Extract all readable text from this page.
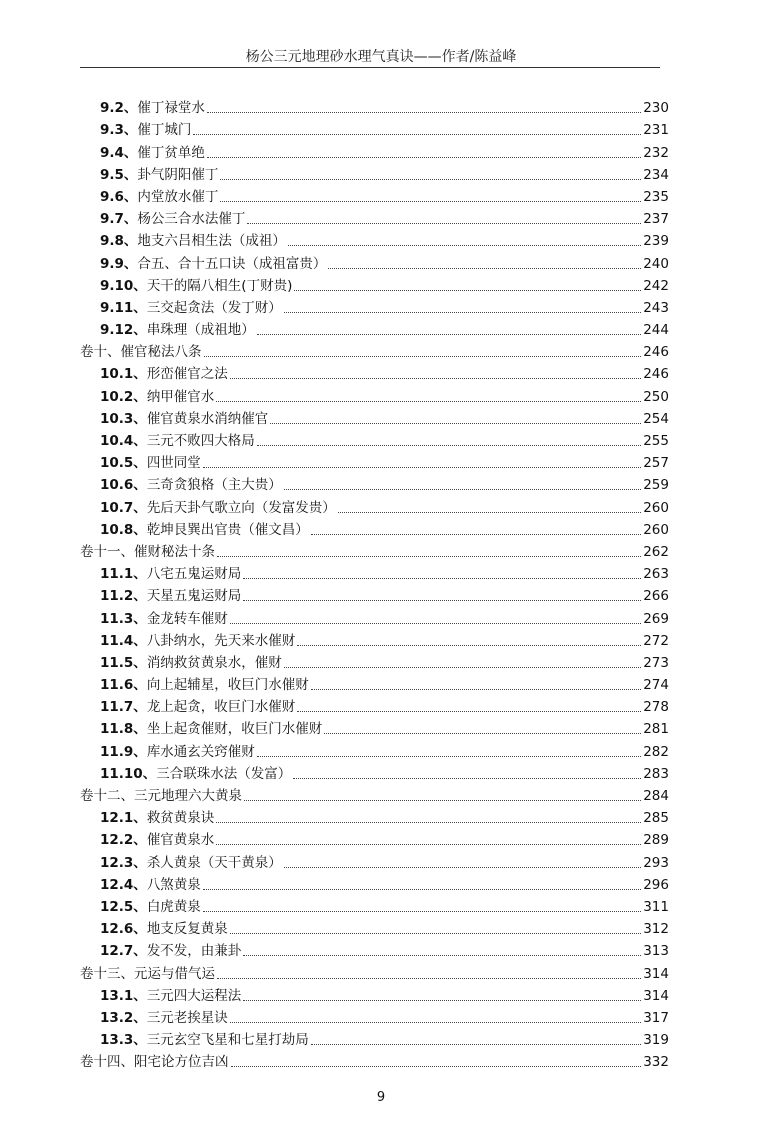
杨公三元地理砂水理气真诀——作者/陈益峰
9.2、催丁禄堂水	230
9.3、催丁城门	231
9.4、催丁贫单绝	232
9.5、卦气阴阳催丁	234
9.6、内堂放水催丁	235
9.7、杨公三合水法催丁	237
9.8、地支六吕相生法（成祖）	239
9.9、合五、合十五口诀（成祖富贵）	240
9.10、天干的隔八相生(丁财贵)	242
9.11、三交起贪法（发丁财）	243
9.12、串珠理（成祖地）	244
卷十、催官秘法八条	246
10.1、形峦催官之法	246
10.2、纳甲催官水	250
10.3、催官黄泉水消纳催官	254
10.4、三元不败四大格局	255
10.5、四世同堂	257
10.6、三奇贪狼格（主大贵）	259
10.7、先后天卦气歌立向（发富发贵）	260
10.8、乾坤艮巽出官贵（催文昌）	260
卷十一、催财秘法十条	262
11.1、八宅五鬼运财局	263
11.2、天星五鬼运财局	266
11.3、金龙转车催财	269
11.4、八卦纳水，先天来水催财	272
11.5、消纳救贫黄泉水，催财	273
11.6、向上起辅星，收巨门水催财	274
11.7、龙上起贪，收巨门水催财	278
11.8、坐上起贪催财，收巨门水催财	281
11.9、库水通玄关窍催财	282
11.10、三合联珠水法（发富）	283
卷十二、三元地理六大黄泉	284
12.1、救贫黄泉诀	285
12.2、催官黄泉水	289
12.3、杀人黄泉（天干黄泉）	293
12.4、八煞黄泉	296
12.5、白虎黄泉	311
12.6、地支反复黄泉	312
12.7、发不发，由兼卦	313
卷十三、元运与借气运	314
13.1、三元四大运程法	314
13.2、三元老挨星诀	317
13.3、三元玄空飞星和七星打劫局	319
卷十四、阳宅论方位吉凶	332
9
